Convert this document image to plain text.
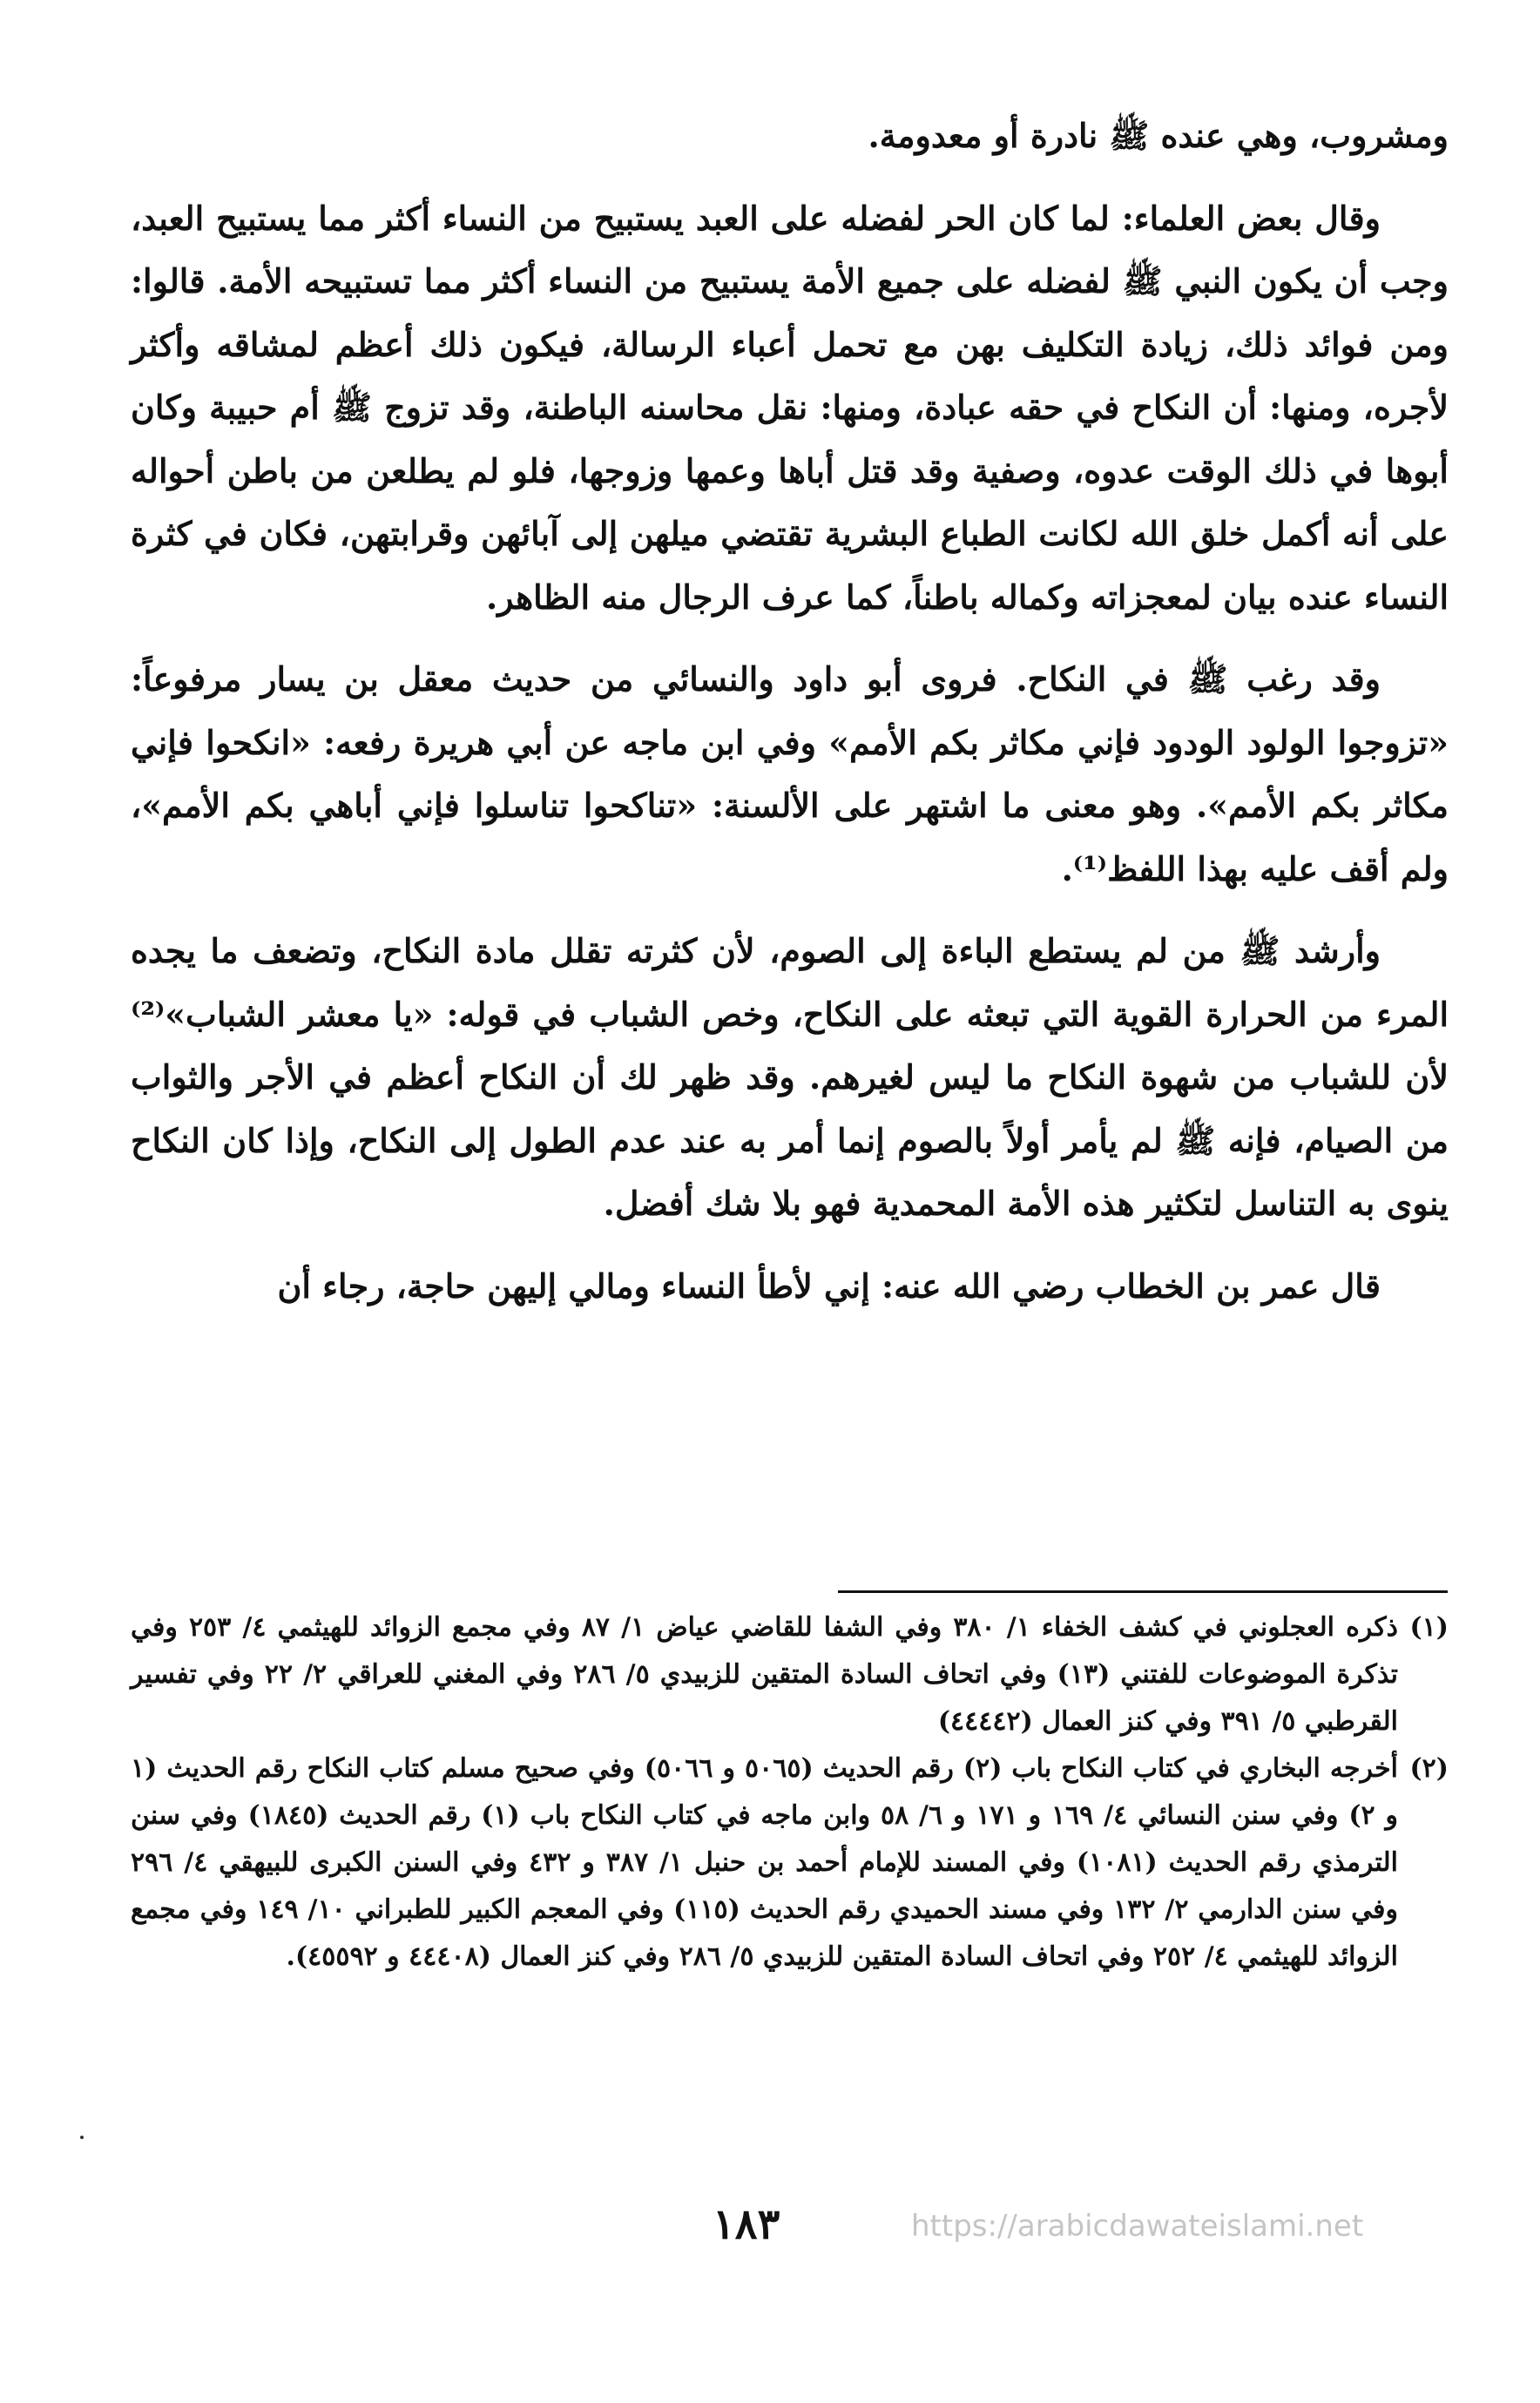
ومشروب، وهي عنده ﷺ نادرة أو معدومة.

وقال بعض العلماء: لما كان الحر لفضله على العبد يستبيح من النساء أكثر مما يستبيح العبد، وجب أن يكون النبي ﷺ لفضله على جميع الأمة يستبيح من النساء أكثر مما تستبيحه الأمة. قالوا: ومن فوائد ذلك، زيادة التكليف بهن مع تحمل أعباء الرسالة، فيكون ذلك أعظم لمشاقه وأكثر لأجره، ومنها: أن النكاح في حقه عبادة، ومنها: نقل محاسنه الباطنة، وقد تزوج ﷺ أم حبيبة وكان أبوها في ذلك الوقت عدوه، وصفية وقد قتل أباها وعمها وزوجها، فلو لم يطلعن من باطن أحواله على أنه أكمل خلق الله لكانت الطباع البشرية تقتضي ميلهن إلى آبائهن وقرابتهن، فكان في كثرة النساء عنده بيان لمعجزاته وكماله باطناً، كما عرف الرجال منه الظاهر.

وقد رغب ﷺ في النكاح. فروى أبو داود والنسائي من حديث معقل بن يسار مرفوعاً: «تزوجوا الولود الودود فإني مكاثر بكم الأمم» وفي ابن ماجه عن أبي هريرة رفعه: «انكحوا فإني مكاثر بكم الأمم». وهو معنى ما اشتهر على الألسنة: «تناكحوا تناسلوا فإني أباهي بكم الأمم»، ولم أقف عليه بهذا اللفظ⁽¹⁾.

وأرشد ﷺ من لم يستطع الباءة إلى الصوم، لأن كثرته تقلل مادة النكاح، وتضعف ما يجده المرء من الحرارة القوية التي تبعثه على النكاح، وخص الشباب في قوله: «يا معشر الشباب»⁽²⁾ لأن للشباب من شهوة النكاح ما ليس لغيرهم. وقد ظهر لك أن النكاح أعظم في الأجر والثواب من الصيام، فإنه ﷺ لم يأمر أولاً بالصوم إنما أمر به عند عدم الطول إلى النكاح، وإذا كان النكاح ينوى به التناسل لتكثير هذه الأمة المحمدية فهو بلا شك أفضل.

قال عمر بن الخطاب رضي الله عنه: إني لأطأ النساء ومالي إليهن حاجة، رجاء أن

(١)
ذكره العجلوني في كشف الخفاء ١/ ٣٨٠ وفي الشفا للقاضي عياض ١/ ٨٧ وفي مجمع الزوائد للهيثمي ٤/ ٢٥٣ وفي تذكرة الموضوعات للفتني (١٣) وفي اتحاف السادة المتقين للزبيدي ٥/ ٢٨٦ وفي المغني للعراقي ٢/ ٢٢ وفي تفسير القرطبي ٥/ ٣٩١ وفي كنز العمال (٤٤٤٤٢)

(٢)
أخرجه البخاري في كتاب النكاح باب (٢) رقم الحديث (٥٠٦٥ و ٥٠٦٦) وفي صحيح مسلم كتاب النكاح رقم الحديث (١ و ٢) وفي سنن النسائي ٤/ ١٦٩ و ١٧١ و ٦/ ٥٨ وابن ماجه في كتاب النكاح باب (١) رقم الحديث (١٨٤٥) وفي سنن الترمذي رقم الحديث (١٠٨١) وفي المسند للإمام أحمد بن حنبل ١/ ٣٨٧ و ٤٣٢ وفي السنن الكبرى للبيهقي ٤/ ٢٩٦ وفي سنن الدارمي ٢/ ١٣٢ وفي مسند الحميدي رقم الحديث (١١٥) وفي المعجم الكبير للطبراني ١٠/ ١٤٩ وفي مجمع الزوائد للهيثمي ٤/ ٢٥٢ وفي اتحاف السادة المتقين للزبيدي ٥/ ٢٨٦ وفي كنز العمال (٤٤٤٠٨ و ٤٥٥٩٢).

١٨٣	https://arabicdawateislami.net
